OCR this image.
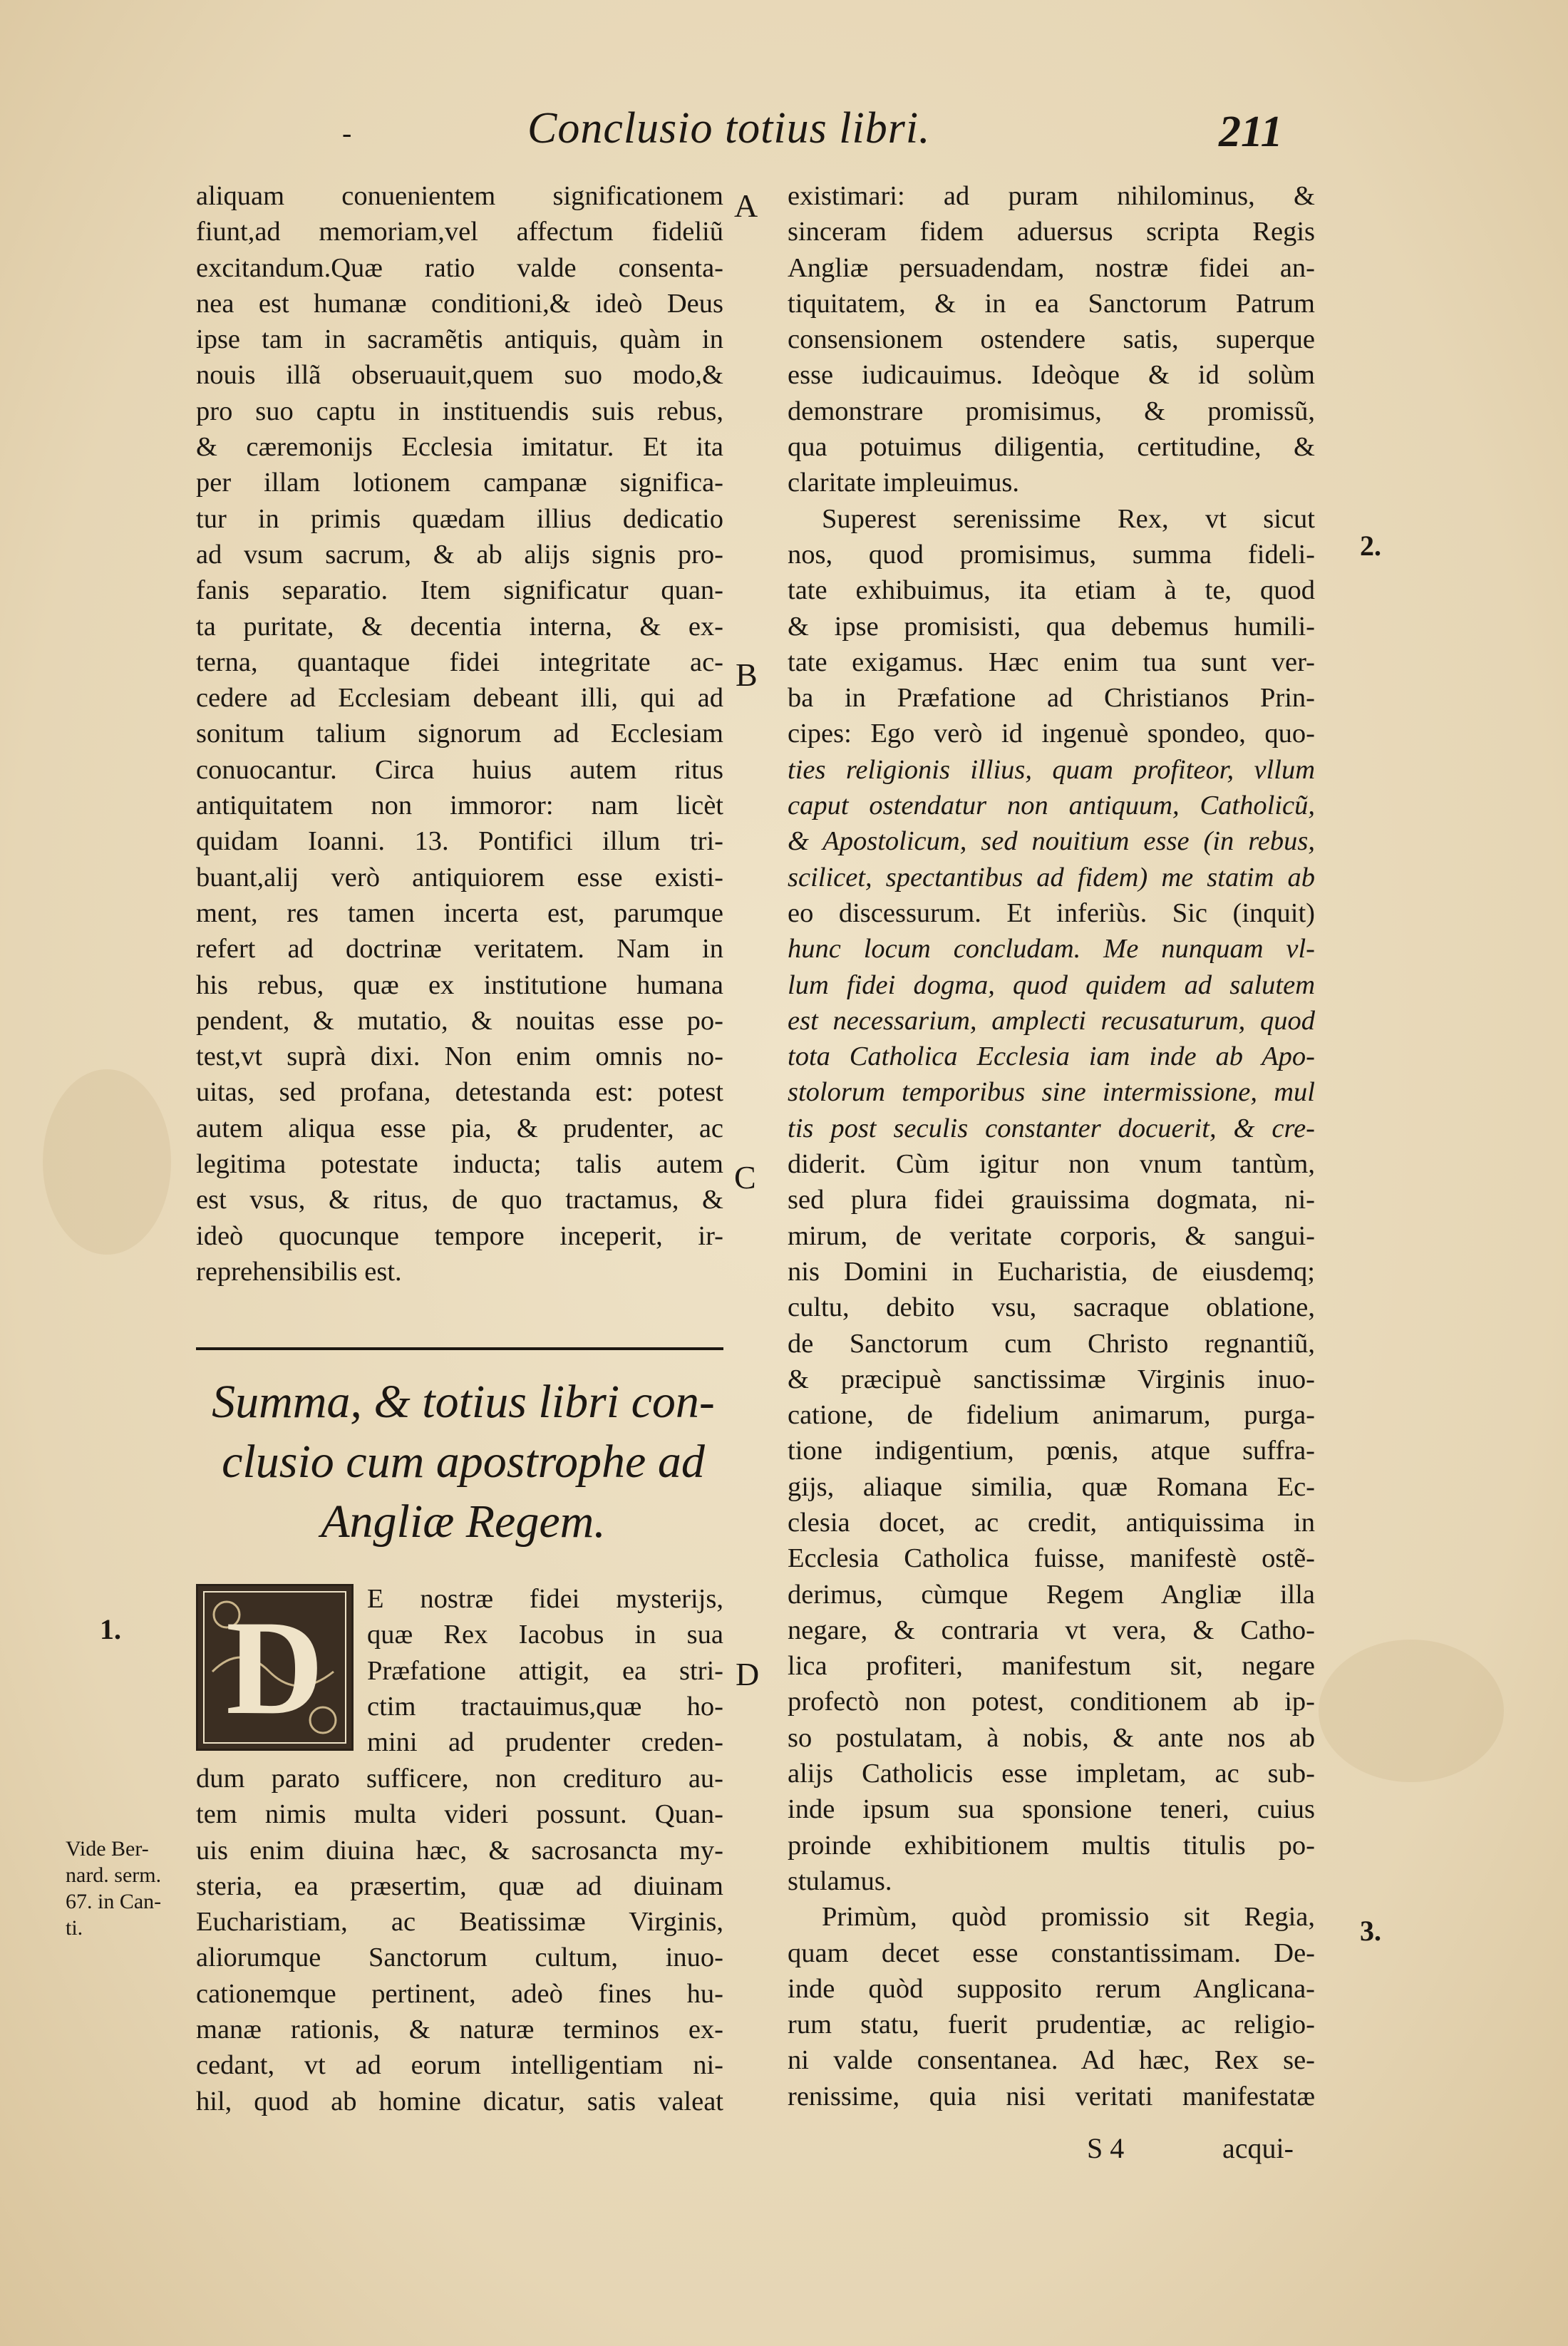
-	Conclusio totius libri.	211

aliquam conuenientem significationem

fiunt,ad memoriam,vel affectum fideliũ

excitandum.Quæ ratio valde consenta-

nea est humanæ conditioni,& ideò Deus

ipse tam in sacramẽtis antiquis, quàm in

nouis illã obseruauit,quem suo modo,&

pro suo captu in instituendis suis rebus,

& cæremonijs Ecclesia imitatur. Et ita

per illam lotionem campanæ significa-

tur in primis quædam illius dedicatio

ad vsum sacrum, & ab alijs signis pro-

fanis separatio. Item significatur quan-

ta puritate, & decentia interna, & ex-

terna, quantaque fidei integritate ac-

cedere ad Ecclesiam debeant illi, qui ad

sonitum talium signorum ad Ecclesiam

conuocantur. Circa huius autem ritus

antiquitatem non immoror: nam licèt

quidam Ioanni. 13. Pontifici illum tri-

buant,alij verò antiquiorem esse existi-

ment, res tamen incerta est, parumque

refert ad doctrinæ veritatem. Nam in

his rebus, quæ ex institutione humana

pendent, & mutatio, & nouitas esse po-

test,vt suprà dixi. Non enim omnis no-

uitas, sed profana, detestanda est: potest

autem aliqua esse pia, & prudenter, ac

legitima potestate inducta; talis autem

est vsus, & ritus, de quo tractamus, &

ideò quocunque tempore inceperit, ir-

reprehensibilis est.

Summa, & totius libri con-
clusio cum apostrophe ad
Angliæ Regem.
D	E nostræ fidei mysterijs,

quæ Rex Iacobus in sua

Præfatione attigit, ea stri-

ctim tractauimus,quæ ho-

mini ad prudenter creden-

dum parato sufficere, non credituro au-

tem nimis multa videri possunt. Quan-

uis enim diuina hæc, & sacrosancta my-

steria, ea præsertim, quæ ad diuinam

Eucharistiam, ac Beatissimæ Virginis,

aliorumque Sanctorum cultum, inuo-

cationemque pertinent, adeò fines hu-

manæ rationis, & naturæ terminos ex-

cedant, vt ad eorum intelligentiam ni-

hil, quod ab homine dicatur, satis valeat

A
B
C
D
2.
3.
1.
Vide Ber-
nard. serm.
67. in Can-
ti.

existimari: ad puram nihilominus, &

sinceram fidem aduersus scripta Regis

Angliæ persuadendam, nostræ fidei an-

tiquitatem, & in ea Sanctorum Patrum

consensionem ostendere satis, superque

esse iudicauimus. Ideòque & id solùm

demonstrare promisimus, & promissũ,

qua potuimus diligentia, certitudine, &

claritate impleuimus.

Superest serenissime Rex, vt sicut

nos, quod promisimus, summa fideli-

tate exhibuimus, ita etiam à te, quod

& ipse promisisti, qua debemus humili-

tate exigamus. Hæc enim tua sunt ver-

ba in Præfatione ad Christianos Prin-

cipes: Ego verò id ingenuè spondeo, quo-

ties religionis illius, quam profiteor, vllum

caput ostendatur non antiquum, Catholicũ,

& Apostolicum, sed nouitium esse (in rebus,

scilicet, spectantibus ad fidem) me statim ab

eo discessurum. Et inferiùs. Sic (inquit)

hunc locum concludam. Me nunquam vl-

lum fidei dogma, quod quidem ad salutem

est necessarium, amplecti recusaturum, quod

tota Catholica Ecclesia iam inde ab Apo-

stolorum temporibus sine intermissione, mul

tis post seculis constanter docuerit, & cre-

diderit. Cùm igitur non vnum tantùm,

sed plura fidei grauissima dogmata, ni-

mirum, de veritate corporis, & sangui-

nis Domini in Eucharistia, de eiusdemq;

cultu, debito vsu, sacraque oblatione,

de Sanctorum cum Christo regnantiũ,

& præcipuè sanctissimæ Virginis inuo-

catione, de fidelium animarum, purga-

tione indigentium, pœnis, atque suffra-

gijs, aliaque similia, quæ Romana Ec-

clesia docet, ac credit, antiquissima in

Ecclesia Catholica fuisse, manifestè ostẽ-

derimus, cùmque Regem Angliæ illa

negare, & contraria vt vera, & Catho-

lica profiteri, manifestum sit, negare

profectò non potest, conditionem ab ip-

so postulatam, à nobis, & ante nos ab

alijs Catholicis esse impletam, ac sub-

inde ipsum sua sponsione teneri, cuius

proinde exhibitionem multis titulis po-

stulamus.

Primùm, quòd promissio sit Regia,

quam decet esse constantissimam. De-

inde quòd supposito rerum Anglicana-

rum statu, fuerit prudentiæ, ac religio-

ni valde consentanea. Ad hæc, Rex se-

renissime, quia nisi veritati manifestatæ

S 4	acqui-
